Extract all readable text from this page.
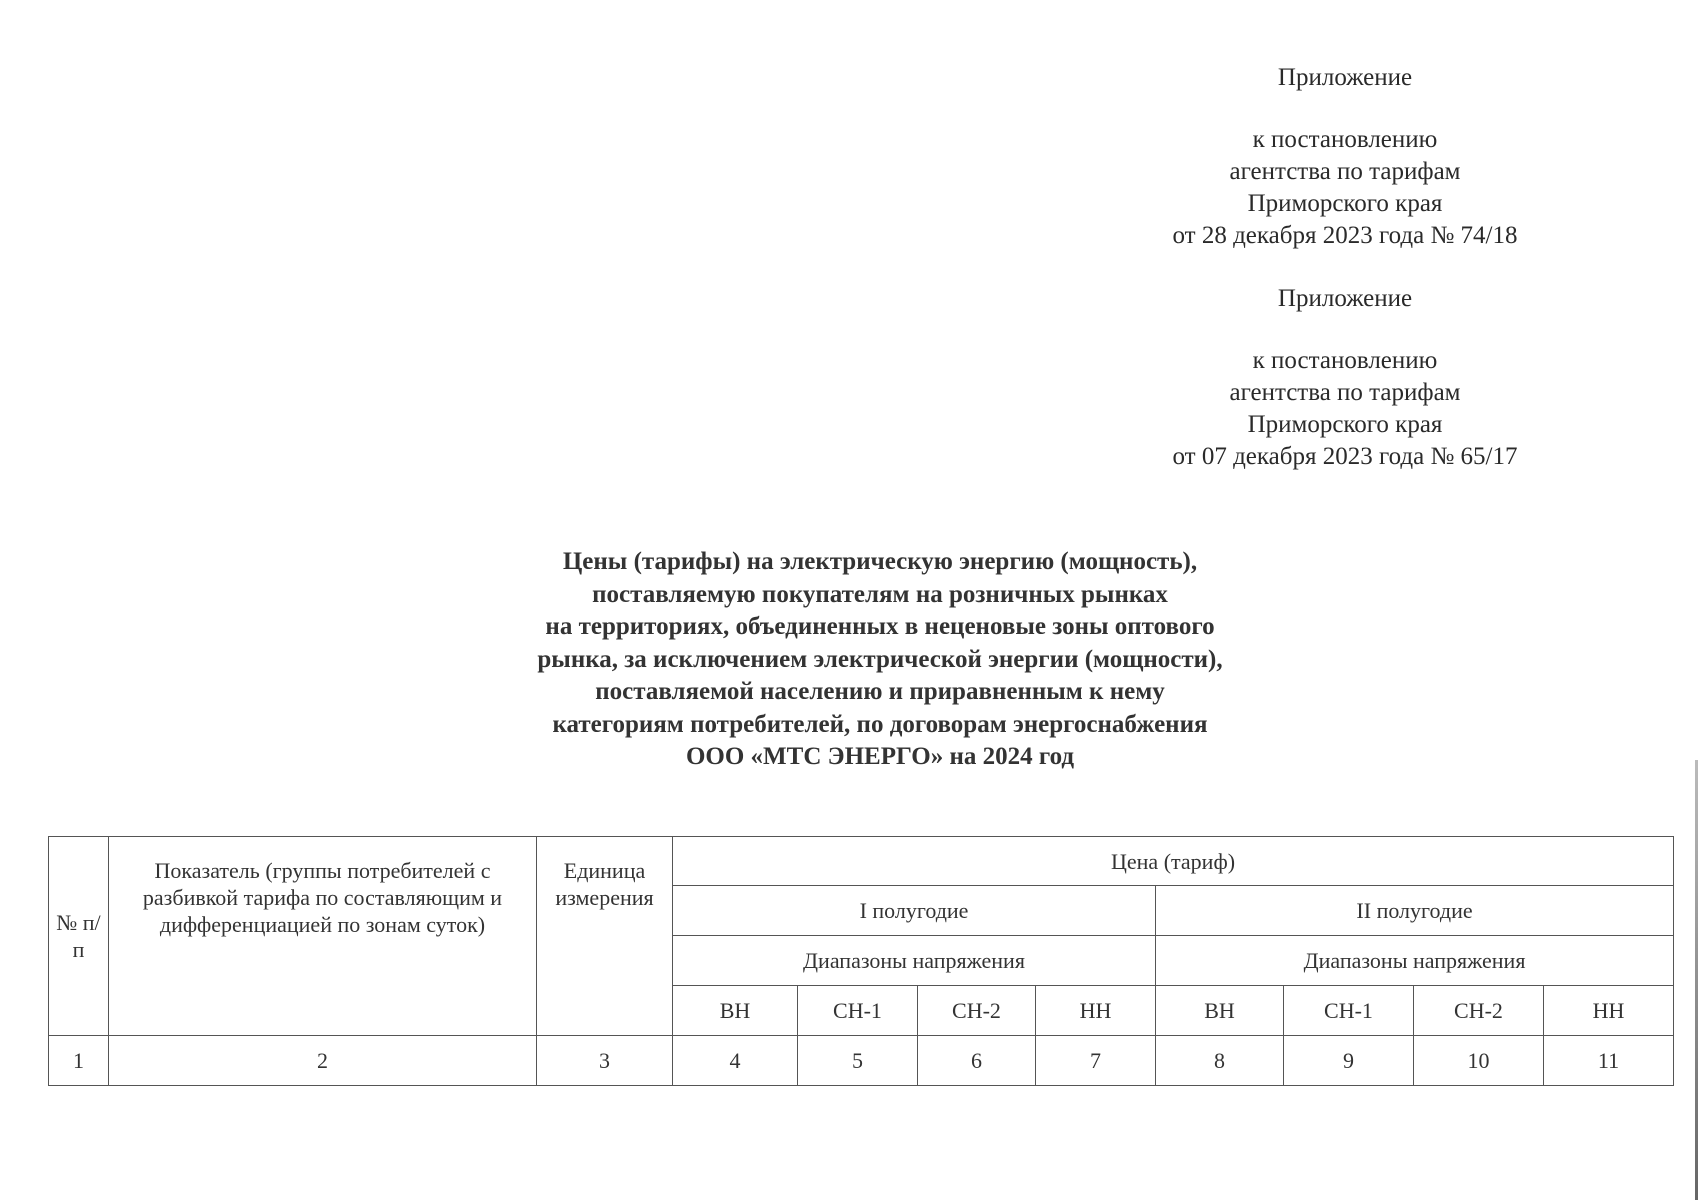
Приложение
к постановлению
агентства по тарифам
Приморского края
от 28 декабря 2023 года № 74/18
Приложение
к постановлению
агентства по тарифам
Приморского края
от 07 декабря 2023 года № 65/17
Цены (тарифы) на электрическую энергию (мощность),
поставляемую покупателям на розничных рынках
на территориях, объединенных в неценовые зоны оптового
рынка, за исключением электрической энергии (мощности),
поставляемой населению и приравненным к нему
категориям потребителей, по договорам энергоснабжения
ООО «МТС ЭНЕРГО» на 2024 год
№ п/п	Показатель (группы потребителей с разбивкой тарифа по составляющим и дифференциацией по зонам суток)	Единица измерения	Цена (тариф)							
			I полугодие				II полугодие			
			Диапазоны напряжения				Диапазоны напряжения			
			ВН	СН-1	СН-2	НН	ВН	СН-1	СН-2	НН
1	2	3	4	5	6	7	8	9	10	11
